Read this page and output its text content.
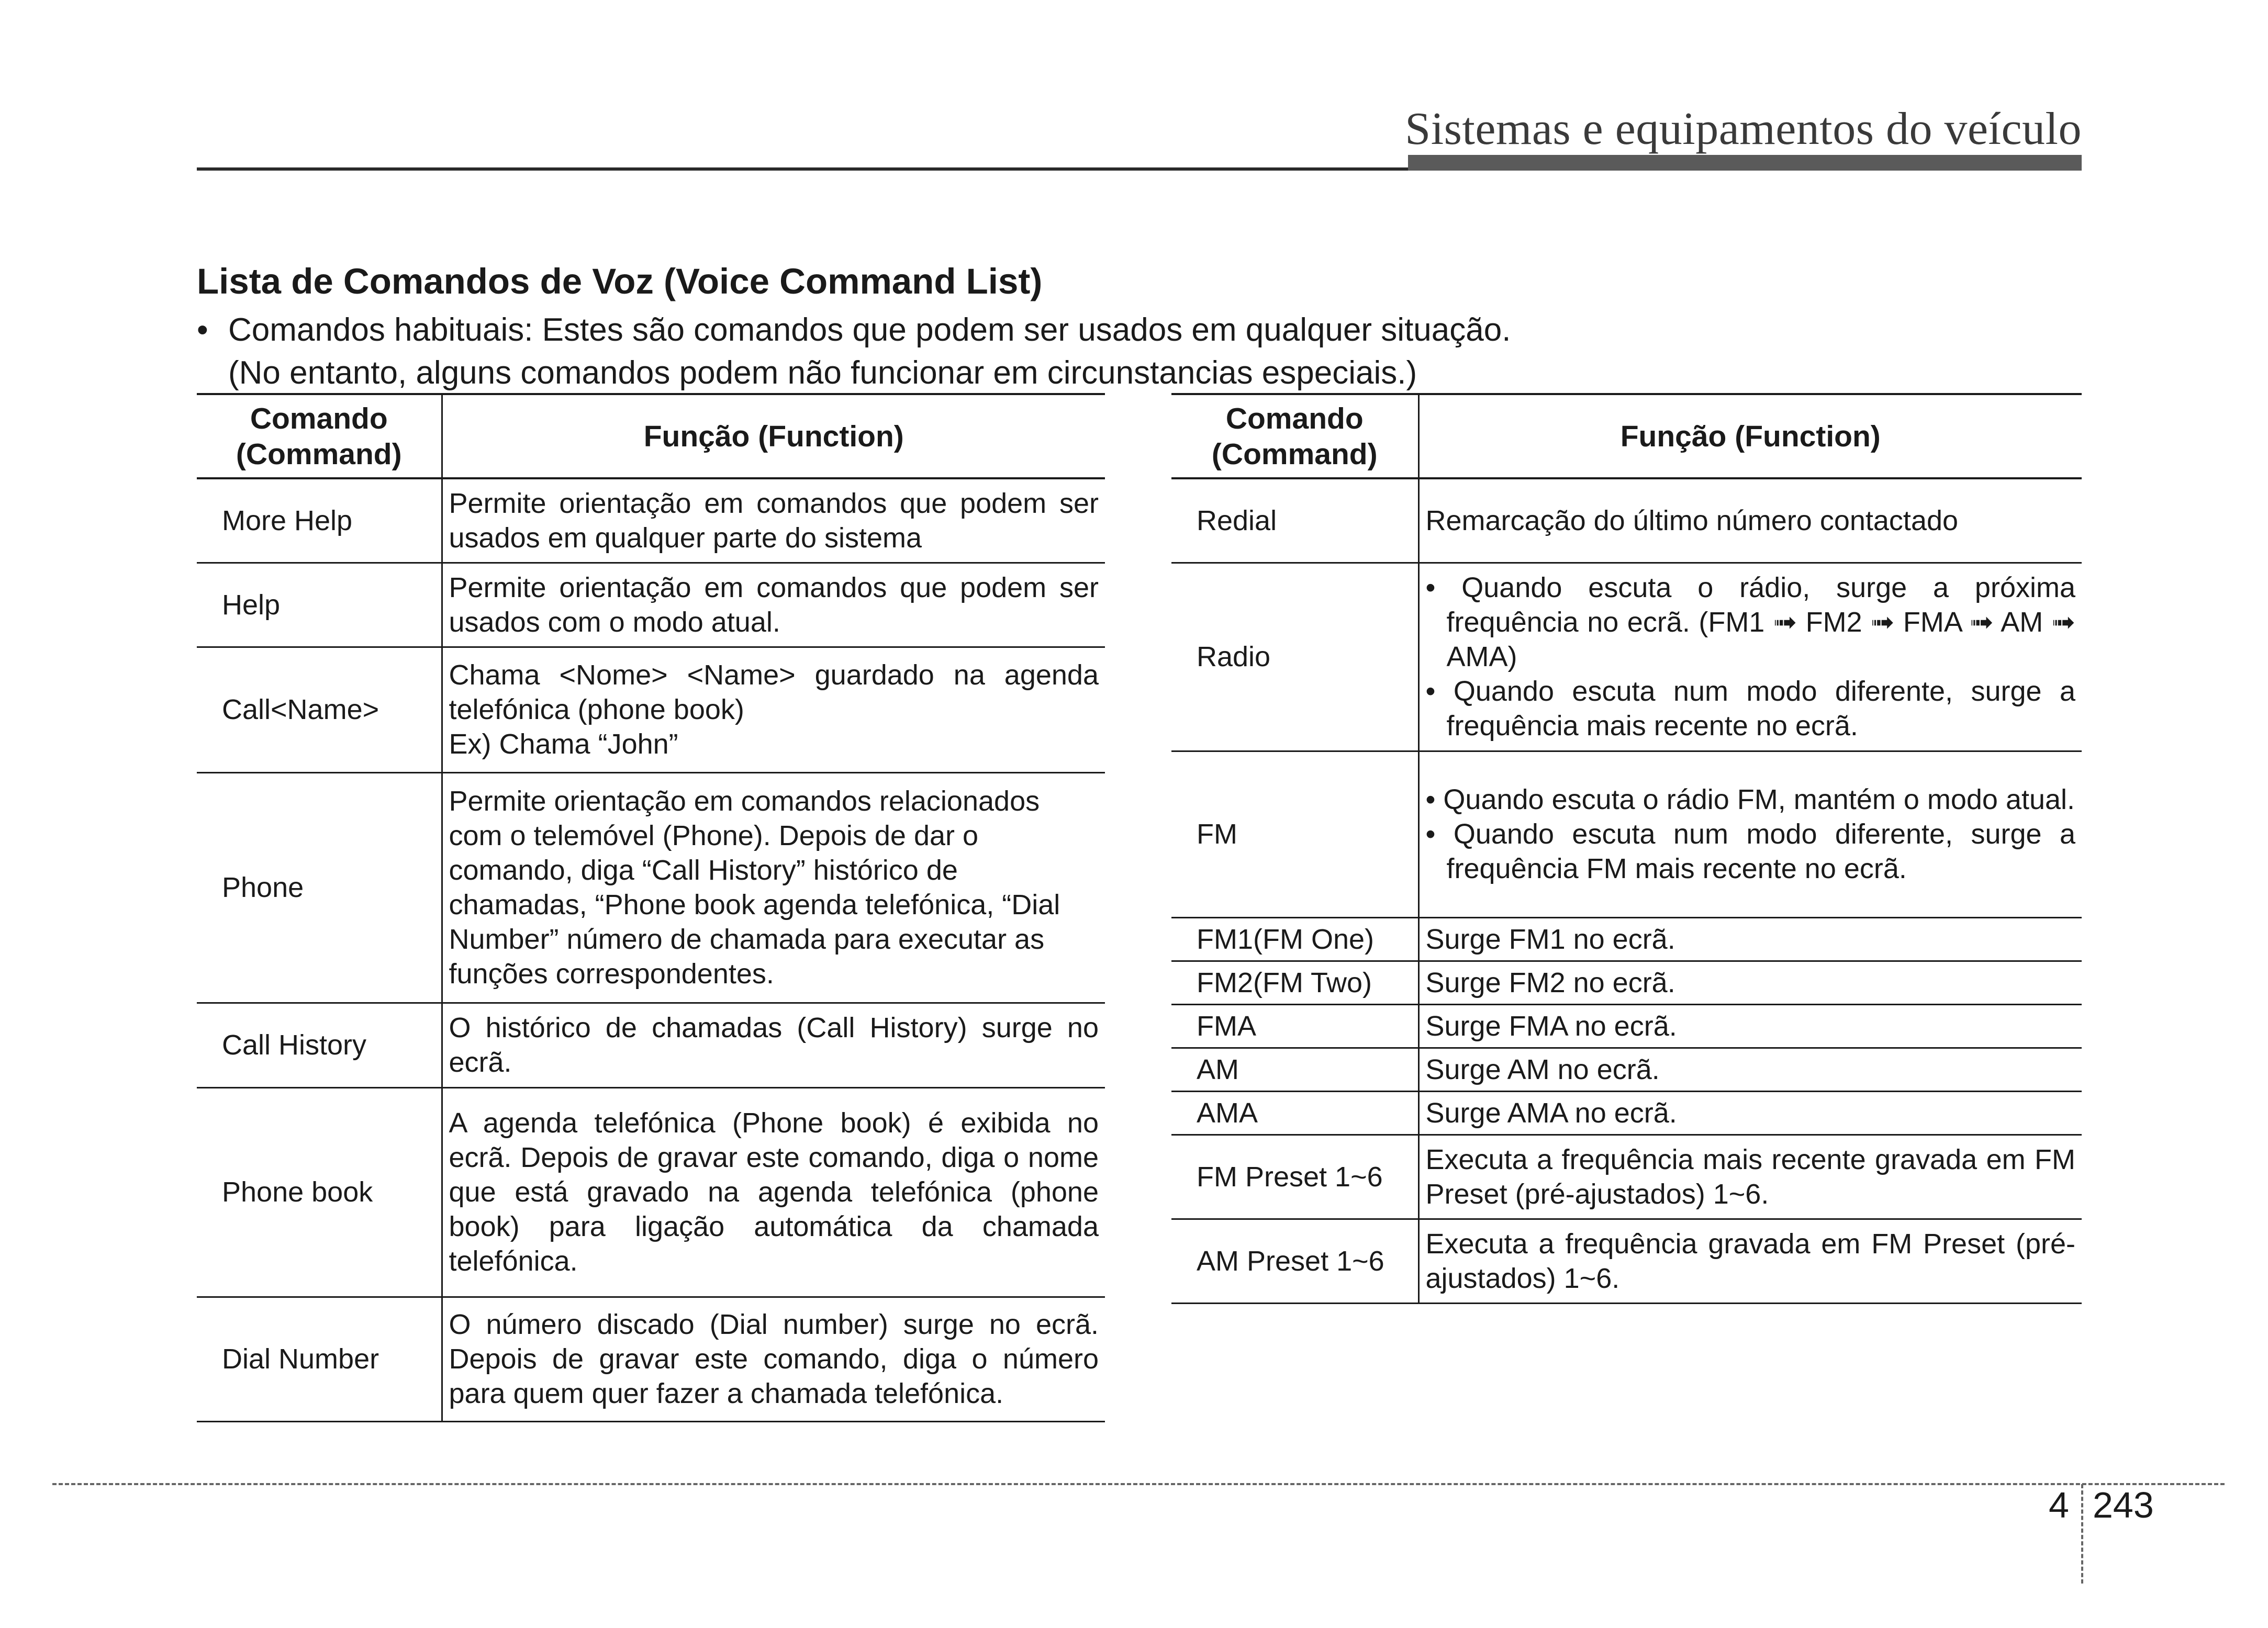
Sistemas e equipamentos do veículo
Lista de Comandos de Voz (Voice Command List)
• Comandos habituais: Estes são comandos que podem ser usados em qualquer situação.
(No entanto, alguns comandos podem não funcionar em circunstancias especiais.)
Comando
(Command)	Função (Function)
More Help	Permite orientação em comandos que podem ser usados em qualquer parte do sistema
Help	Permite orientação em comandos que podem ser usados com o modo atual.
Call<Name>	Chama <Nome> <Name> guardado na agenda telefónica (phone book)
Ex) Chama “John”
Phone	Permite orientação em comandos relacionados com o telemóvel (Phone). Depois de dar o comando, diga “Call History” histórico de chamadas, “Phone book agenda telefónica, “Dial Number” número de chamada para executar as funções correspondentes.
Call History	O histórico de chamadas (Call History) surge no ecrã.
Phone book	A agenda telefónica (Phone book) é exibida no ecrã. Depois de gravar este comando, diga o nome que está gravado na agenda telefónica (phone book) para ligação automática da chamada telefónica.
Dial Number	O número discado (Dial number) surge no ecrã. Depois de gravar este comando, diga o número para quem quer fazer a chamada telefónica.
Comando
(Command)	Função (Function)
Redial	Remarcação do último número contactado
Radio	• Quando escuta o rádio, surge a próxima frequência no ecrã. (FM1 ➟ FM2 ➟ FMA ➟ AM ➟ AMA)
• Quando escuta num modo diferente, surge a frequência mais recente no ecrã.

FM	• Quando escuta o rádio FM, mantém o modo atual.
• Quando escuta num modo diferente, surge a frequência FM mais recente no ecrã.

FM1(FM One)	Surge FM1 no ecrã.
FM2(FM Two)	Surge FM2 no ecrã.
FMA	Surge FMA no ecrã.
AM	Surge AM no ecrã.
AMA	Surge AMA no ecrã.
FM Preset 1~6	Executa a frequência mais recente gravada em FM Preset (pré-ajustados) 1~6.
AM Preset 1~6	Executa a frequência gravada em FM Preset (pré-ajustados) 1~6.
4 243
